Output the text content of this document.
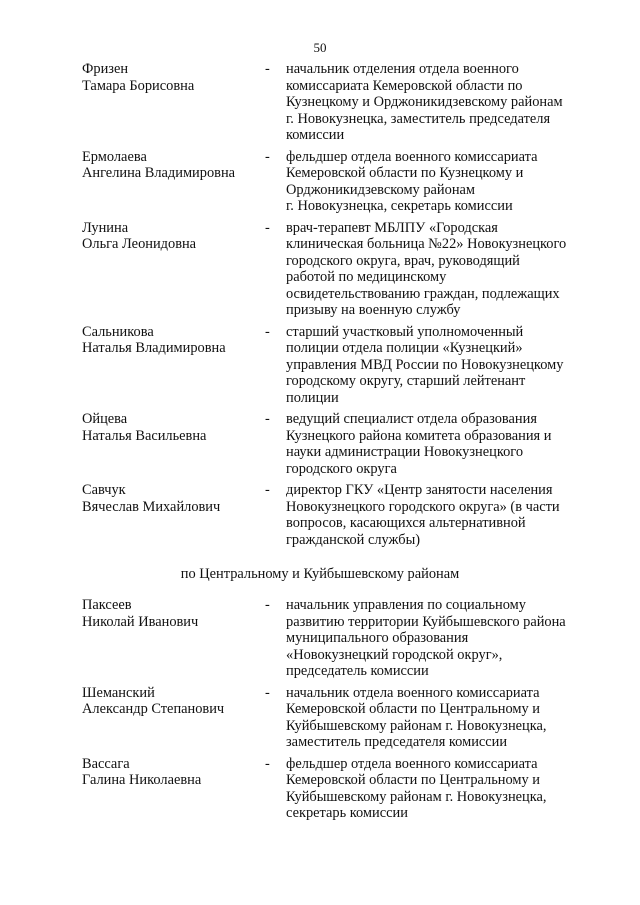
50
Фризен
Тамара Борисовна
- начальник отделения отдела военного
комиссариата Кемеровской области по
Кузнецкому и Орджоникидзевскому районам
г. Новокузнецка, заместитель председателя
комиссии
Ермолаева
Ангелина Владимировна
- фельдшер отдела военного комиссариата
Кемеровской области по Кузнецкому и
Орджоникидзевскому районам
г. Новокузнецка, секретарь комиссии
Лунина
Ольга Леонидовна
- врач-терапевт МБЛПУ «Городская
клиническая больница №22» Новокузнецкого
городского округа, врач, руководящий
работой по медицинскому
освидетельствованию граждан, подлежащих
призыву на военную службу
Сальникова
Наталья Владимировна
- старший участковый уполномоченный
полиции отдела полиции «Кузнецкий»
управления МВД России по Новокузнецкому
городскому округу, старший лейтенант
полиции
Ойцева
Наталья Васильевна
- ведущий специалист отдела образования
Кузнецкого района комитета образования и
науки администрации Новокузнецкого
городского округа
Савчук
Вячеслав Михайлович
- директор ГКУ «Центр занятости населения
Новокузнецкого городского округа» (в части
вопросов, касающихся альтернативной
гражданской службы)
Паксеев
Николай Иванович
- начальник управления по социальному
развитию территории Куйбышевского района
муниципального образования
«Новокузнецкий городской округ»,
председатель комиссии
Шеманский
Александр Степанович
- начальник отдела военного комиссариата
Кемеровской области по Центральному и
Куйбышевскому районам г. Новокузнецка,
заместитель председателя комиссии
Вассага
Галина Николаевна
- фельдшер отдела военного комиссариата
Кемеровской области по Центральному и
Куйбышевскому районам г. Новокузнецка,
секретарь комиссии
по Центральному и Куйбышевскому районам
